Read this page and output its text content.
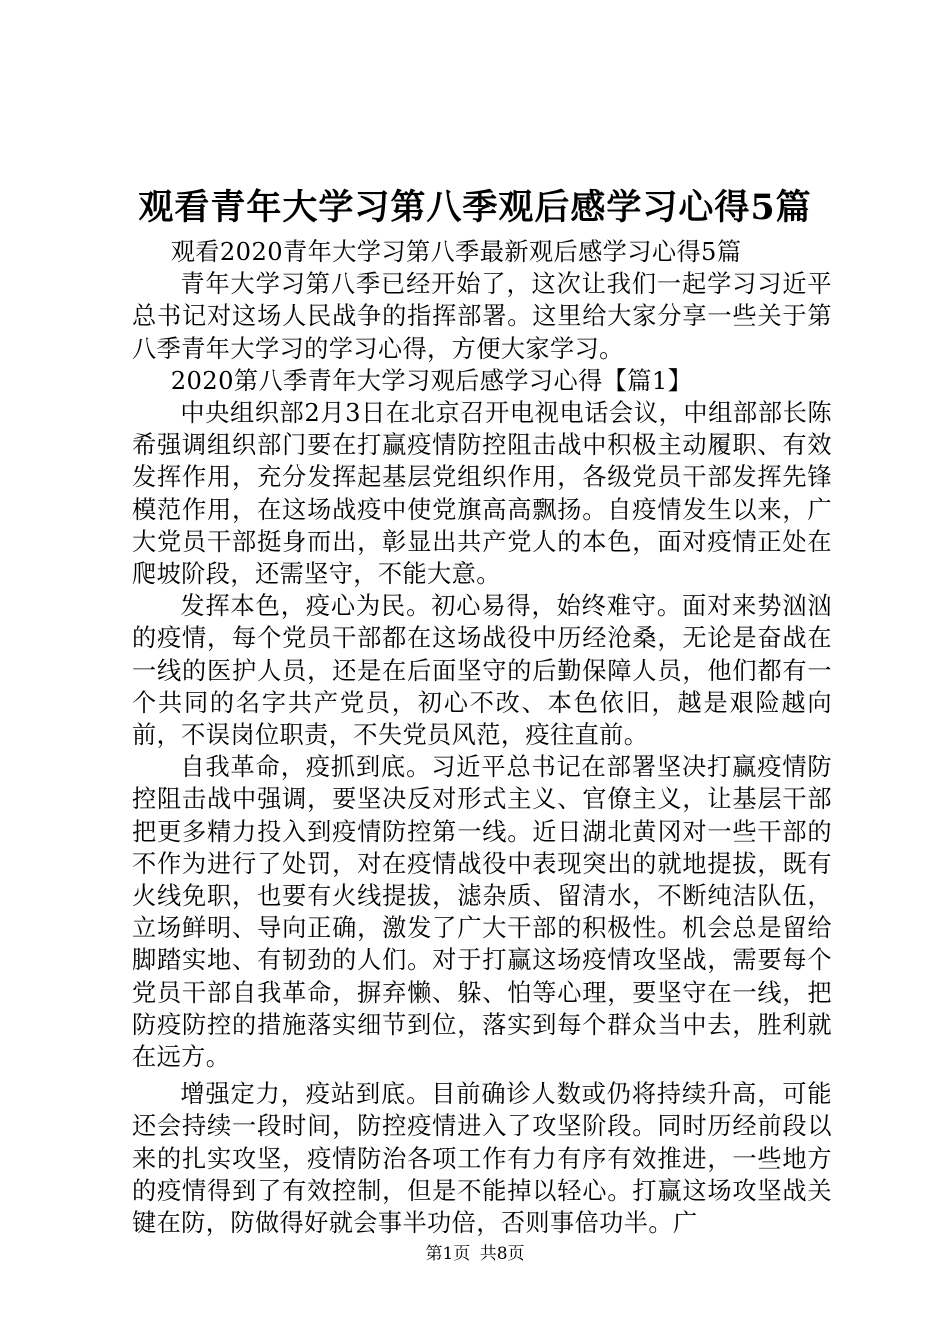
观看青年大学习第八季观后感学习心得5篇

观看2020青年大学习第八季最新观后感学习心得5篇

青年大学习第八季已经开始了，这次让我们一起学习习近平总书记对这场人民战争的指挥部署。这里给大家分享一些关于第八季青年大学习的学习心得，方便大家学习。

2020第八季青年大学习观后感学习心得【篇1】

中央组织部2月3日在北京召开电视电话会议，中组部部长陈希强调组织部门要在打赢疫情防控阻击战中积极主动履职、有效发挥作用，充分发挥起基层党组织作用，各级党员干部发挥先锋模范作用，在这场战疫中使党旗高高飘扬。自疫情发生以来，广大党员干部挺身而出，彰显出共产党人的本色，面对疫情正处在爬坡阶段，还需坚守，不能大意。

发挥本色，疫心为民。初心易得，始终难守。面对来势汹汹的疫情，每个党员干部都在这场战役中历经沧桑，无论是奋战在一线的医护人员，还是在后面坚守的后勤保障人员，他们都有一个共同的名字共产党员，初心不改、本色依旧，越是艰险越向前，不误岗位职责，不失党员风范，疫往直前。

自我革命，疫抓到底。习近平总书记在部署坚决打赢疫情防控阻击战中强调，要坚决反对形式主义、官僚主义，让基层干部把更多精力投入到疫情防控第一线。近日湖北黄冈对一些干部的不作为进行了处罚，对在疫情战役中表现突出的就地提拔，既有火线免职，也要有火线提拔，滤杂质、留清水，不断纯洁队伍，立场鲜明、导向正确，激发了广大干部的积极性。机会总是留给脚踏实地、有韧劲的人们。对于打赢这场疫情攻坚战，需要每个党员干部自我革命，摒弃懒、躲、怕等心理，要坚守在一线，把防疫防控的措施落实细节到位，落实到每个群众当中去，胜利就在远方。

增强定力，疫站到底。目前确诊人数或仍将持续升高，可能还会持续一段时间，防控疫情进入了攻坚阶段。同时历经前段以来的扎实攻坚，疫情防治各项工作有力有序有效推进，一些地方的疫情得到了有效控制，但是不能掉以轻心。打赢这场攻坚战关键在防，防做得好就会事半功倍，否则事倍功半。广

第1页 共8页
